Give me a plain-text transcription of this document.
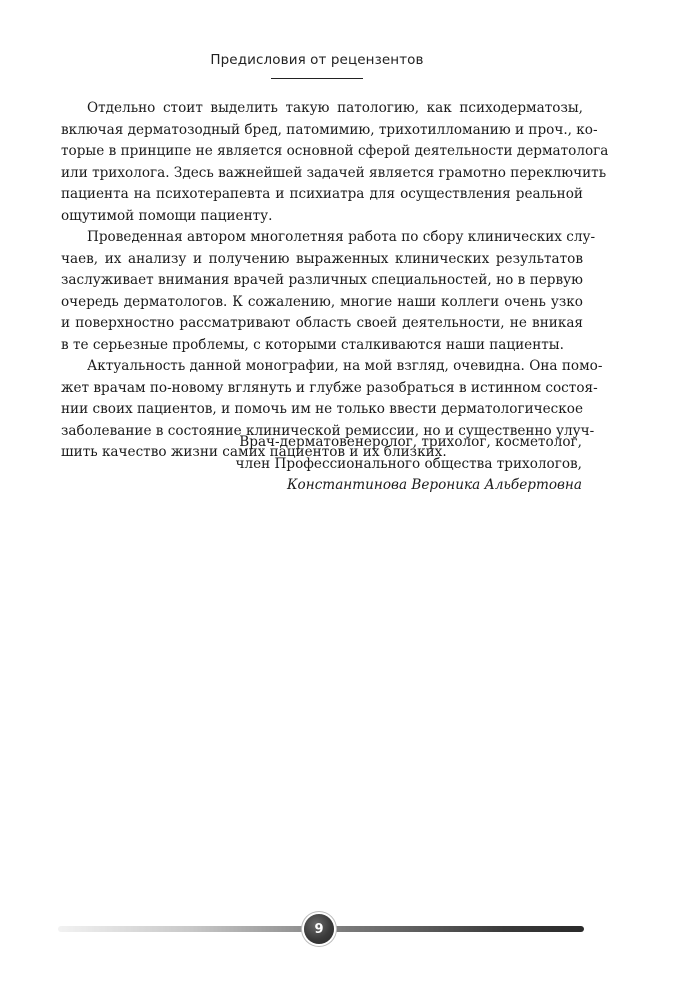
Предисловия от рецензентов
Отдельно стоит выделить такую патологию, как психодерматозы,
включая дерматозодный бред, патомимию, трихотилломанию и проч., ко-
торые в принципе не является основной сферой деятельности дерматолога
или трихолога. Здесь важнейшей задачей является грамотно переключить
пациента на психотерапевта и психиатра для осуществления реальной
ощутимой помощи пациенту.
Проведенная автором многолетняя работа по сбору клинических слу-
чаев, их анализу и получению выраженных клинических результатов
заслуживает внимания врачей различных специальностей, но в первую
очередь дерматологов. К сожалению, многие наши коллеги очень узко
и поверхностно рассматривают область своей деятельности, не вникая
в те серьезные проблемы, с которыми сталкиваются наши пациенты.
Актуальность данной монографии, на мой взгляд, очевидна. Она помо-
жет врачам по-новому вглянуть и глубже разобраться в истинном состоя-
нии своих пациентов, и помочь им не только ввести дерматологическое
заболевание в состояние клинической ремиссии, но и существенно улуч-
шить качество жизни самих пациентов и их близких.
Врач-дерматовенеролог, трихолог, косметолог,
член Профессионального общества трихологов,
Константинова Вероника Альбертовна
9
